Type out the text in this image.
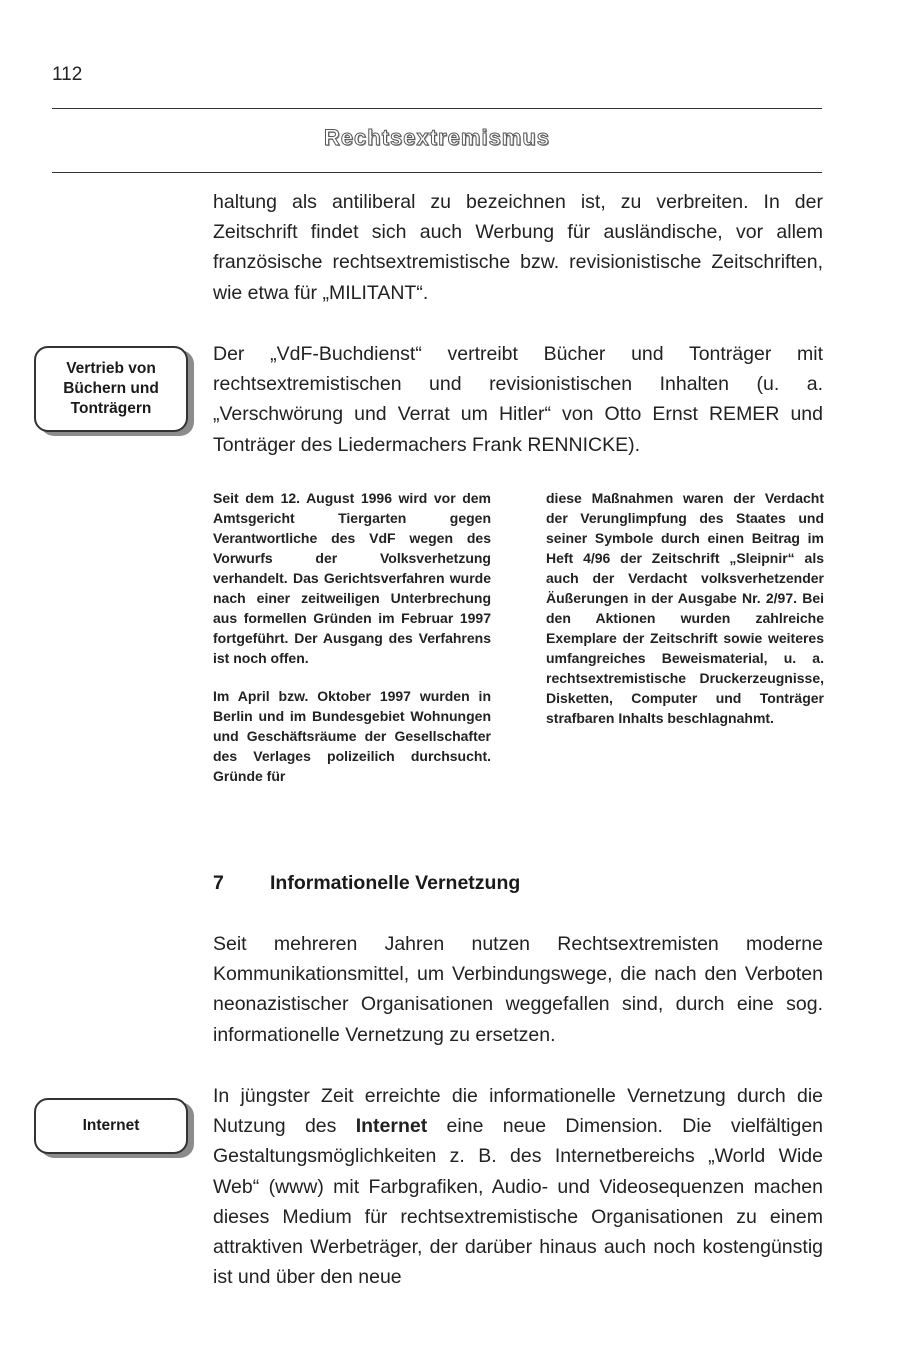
112
Rechtsextremismus

haltung als antiliberal zu bezeichnen ist, zu verbreiten. In der Zeitschrift findet sich auch Werbung für ausländische, vor allem französische rechtsextremistische bzw. revisionistische Zeitschriften, wie etwa für „MILITANT“.

Vertrieb von
Büchern und
Tonträgern

Der „VdF-Buchdienst“ vertreibt Bücher und Tonträger mit rechtsextremistischen und revisionistischen Inhalten (u. a. „Verschwörung und Verrat um Hitler“ von Otto Ernst REMER und Tonträger des Liedermachers Frank RENNICKE).

Seit dem 12. August 1996 wird vor dem Amtsgericht Tiergarten gegen Verantwortliche des VdF wegen des Vorwurfs der Volksverhetzung verhandelt. Das Gerichtsverfahren wurde nach einer zeitweiligen Unterbrechung aus formellen Gründen im Februar 1997 fortgeführt. Der Ausgang des Verfahrens ist noch offen.

Im April bzw. Oktober 1997 wurden in Berlin und im Bundesgebiet Wohnungen und Geschäftsräume der Gesellschafter des Verlages polizeilich durchsucht. Gründe für

diese Maßnahmen waren der Verdacht der Verunglimpfung des Staates und seiner Symbole durch einen Beitrag im Heft 4/96 der Zeitschrift „Sleipnir“ als auch der Verdacht volksverhetzender Äußerungen in der Ausgabe Nr. 2/97. Bei den Aktionen wurden zahlreiche Exemplare der Zeitschrift sowie weiteres umfangreiches Beweismaterial, u. a. rechtsextremistische Druckerzeugnisse, Disketten, Computer und Tonträger strafbaren Inhalts beschlagnahmt.

7 Informationelle Vernetzung

Seit mehreren Jahren nutzen Rechtsextremisten moderne Kommunikationsmittel, um Verbindungswege, die nach den Verboten neonazistischer Organisationen weggefallen sind, durch eine sog. informationelle Vernetzung zu ersetzen.

Internet

In jüngster Zeit erreichte die informationelle Vernetzung durch die Nutzung des Internet eine neue Dimension. Die vielfältigen Gestaltungsmöglichkeiten z. B. des Internetbereichs „World Wide Web“ (www) mit Farbgrafiken, Audio- und Videosequenzen machen dieses Medium für rechtsextremistische Organisationen zu einem attraktiven Werbeträger, der darüber hinaus auch noch kostengünstig ist und über den neue
